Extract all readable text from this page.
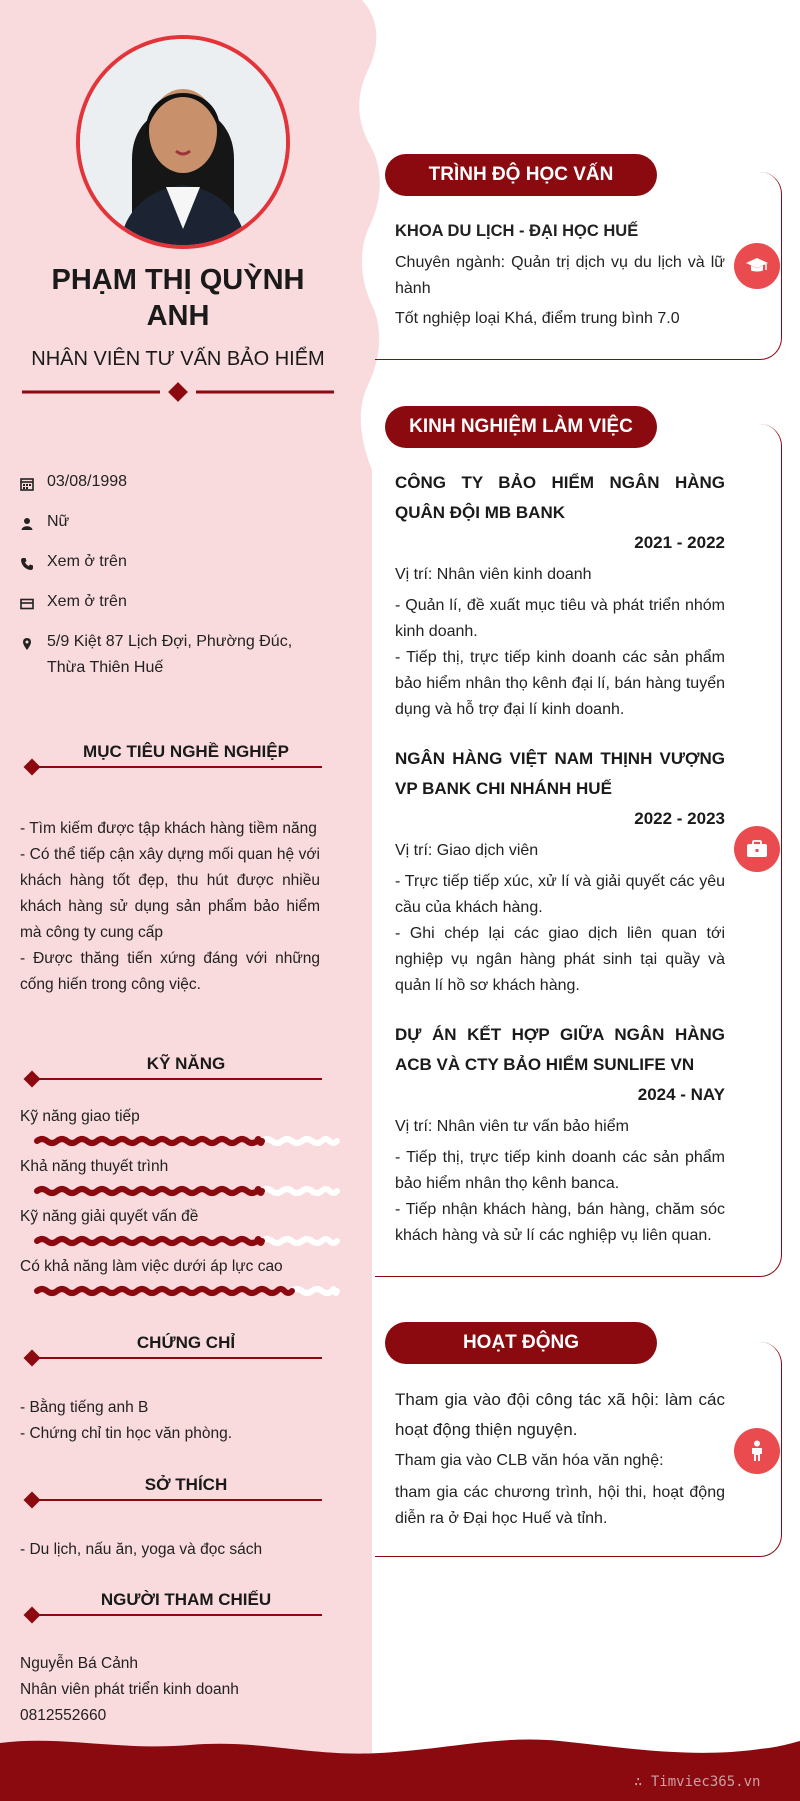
PHẠM THỊ QUỲNH ANH
NHÂN VIÊN TƯ VẤN BẢO HIỂM
03/08/1998
Nữ
Xem ở trên
Xem ở trên
5/9 Kiệt 87 Lịch Đợi, Phường Đúc, Thừa Thiên Huế
MỤC TIÊU NGHỀ NGHIỆP
- Tìm kiếm được tập khách hàng tiềm năng
- Có thể tiếp cận xây dựng mối quan hệ với khách hàng tốt đẹp, thu hút được nhiều khách hàng sử dụng sản phẩm bảo hiểm mà công ty cung cấp
- Được thăng tiến xứng đáng với những cống hiến trong công việc.
KỸ NĂNG
Kỹ năng giao tiếp
Khả năng thuyết trình
Kỹ năng giải quyết vấn đề
Có khả năng làm việc dưới áp lực cao
CHỨNG CHỈ
- Bằng tiếng anh B
- Chứng chỉ tin học văn phòng.
SỞ THÍCH
- Du lịch, nấu ăn, yoga và đọc sách
NGƯỜI THAM CHIẾU
Nguyễn Bá Cảnh
Nhân viên phát triển kinh doanh
0812552660
TRÌNH ĐỘ HỌC VẤN
KHOA DU LỊCH - ĐẠI HỌC HUẾ
Chuyên ngành: Quản trị dịch vụ du lịch và lữ hành
Tốt nghiệp loại Khá, điểm trung bình 7.0
KINH NGHIỆM LÀM VIỆC
CÔNG TY BẢO HIỂM NGÂN HÀNG QUÂN ĐỘI MB BANK
2021 - 2022
Vị trí: Nhân viên kinh doanh
- Quản lí, đề xuất mục tiêu và phát triển nhóm kinh doanh.
- Tiếp thị, trực tiếp kinh doanh các sản phẩm bảo hiểm nhân thọ kênh đại lí, bán hàng tuyển dụng và hỗ trợ đại lí kinh doanh.
NGÂN HÀNG VIỆT NAM THỊNH VƯỢNG VP BANK CHI NHÁNH HUẾ
2022 - 2023
Vị trí: Giao dịch viên
- Trực tiếp tiếp xúc, xử lí và giải quyết các yêu cầu của khách hàng.
- Ghi chép lại các giao dịch liên quan tới nghiệp vụ ngân hàng phát sinh tại quầy và quản lí hồ sơ khách hàng.
DỰ ÁN KẾT HỢP GIỮA NGÂN HÀNG ACB VÀ CTY BẢO HIỂM SUNLIFE VN
2024 - NAY
Vị trí: Nhân viên tư vấn bảo hiểm
- Tiếp thị, trực tiếp kinh doanh các sản phẩm bảo hiểm nhân thọ kênh banca.
- Tiếp nhận khách hàng, bán hàng, chăm sóc khách hàng và sử lí các nghiệp vụ liên quan.
HOẠT ĐỘNG
Tham gia vào đội công tác xã hội: làm các hoạt động thiện nguyện.
Tham gia vào CLB văn hóa văn nghệ:
tham gia các chương trình, hội thi, hoạt động diễn ra ở Đại học Huế và tỉnh.
∴ Timviec365.vn
